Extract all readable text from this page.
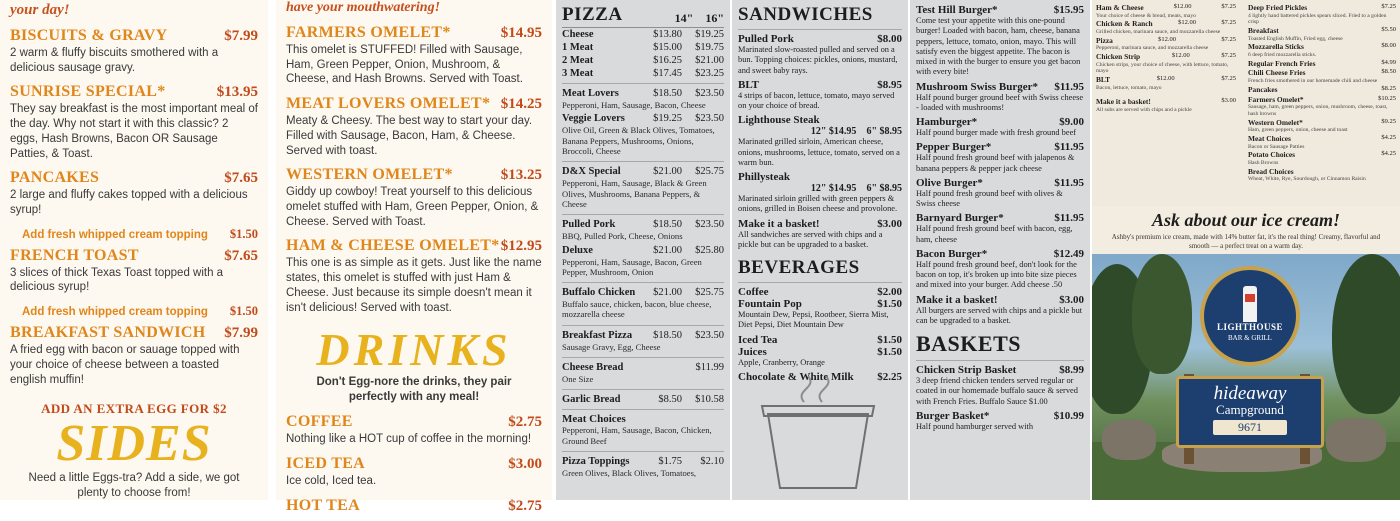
your day!
BISCUITS & GRAVY	$7.99
2 warm & fluffy biscuits smothered with a delicious sausage gravy.
SUNRISE SPECIAL*	$13.95
They say breakfast is the most important meal of the day. Why not start it with this classic? 2 eggs, Hash Browns, Bacon OR Sausage Patties, & Toast.
PANCAKES	$7.65
2 large and fluffy cakes topped with a delicious syrup!
Add fresh whipped cream topping $1.50
FRENCH TOAST	$7.65
3 slices of thick Texas Toast topped with a delicious syrup!
Add fresh whipped cream topping $1.50
BREAKFAST SANDWICH $7.99
A fried egg with bacon or sauage topped with your choice of cheese between a toasted english muffin!
ADD AN EXTRA EGG FOR $2
SIDES
Need a little Eggs-tra? Add a side, we got plenty to choose from!
have your mouthwatering!
FARMERS OMELET*	$14.95
This omelet is STUFFED! Filled with Sausage, Ham, Green Pepper, Onion, Mushroom, & Cheese, and Hash Browns. Served with Toast.
MEAT LOVERS OMELET* $14.25
Meaty & Cheesy. The best way to start your day. Filled with Sausage, Bacon, Ham, & Cheese. Served with toast.
WESTERN OMELET*	$13.25
Giddy up cowboy! Treat yourself to this delicious omelet stuffed with Ham, Green Pepper, Onion, & Cheese. Served with Toast.
HAM & CHEESE OMELET* $12.95
This one is as simple as it gets. Just like the name states, this omelet is stuffed with just Ham & Cheese. Just because its simple doesn't mean it isn't delicious! Served with toast.
DRINKS
Don't Egg-nore the drinks, they pair perfectly with any meal!
COFFEE	$2.75
Nothing like a HOT cup of coffee in the morning!
ICED TEA	$3.00
Ice cold, Iced tea.
HOT TEA	$2.75
PIZZA	14" 16"
Cheese	$13.80	$19.25
1 Meat	$15.00	$19.75
2 Meat	$16.25	$21.00
3 Meat	$17.45	$23.25
Meat Lovers	$18.50	$23.50
Pepperoni, Ham, Sausage, Bacon, Cheese
Veggie Lovers	$19.25	$23.50
Olive Oil, Green & Black Olives, Tomatoes, Banana Peppers, Mushrooms, Onions, Broccoli, Cheese
D&X Special	$21.00	$25.75
Pepperoni, Ham, Sausage, Black & Green Olives, Mushrooms, Banana Peppers, & Cheese
Pulled Pork	$18.50	$23.50
BBQ, Pulled Pork, Cheese, Onions
Deluxe	$21.00	$25.80
Pepperoni, Ham, Sausage, Bacon, Green Pepper, Mushroom, Onion
Buffalo Chicken	$21.00	$25.75
Buffalo sauce, chicken, bacon, blue cheese, mozzarella cheese
Breakfast Pizza	$18.50	$23.50
Sausage Gravy, Egg, Cheese
Cheese Bread	$11.99
One Size
Garlic Bread	$8.50	$10.58
Meat Choices
Pepperoni, Ham, Sausage, Bacon, Chicken, Ground Beef
Pizza Toppings	$1.75	$2.10
Green Olives, Black Olives, Tomatoes,
SANDWICHES
Pulled Pork	$8.00
Marinated slow-roasted pulled and served on a bun. Topping choices: pickles, onions, mustard, and sweet baby rays.
BLT	$8.95
4 strips of bacon, lettuce, tomato, mayo served on your choice of bread.
Lighthouse Steak
12" $14.95 6" $8.95
Marinated grilled sirloin, American cheese, onions, mushrooms, lettuce, tomato, served on a warm bun.
Phillysteak
12" $14.95 6" $8.95
Marinated sirloin grilled with green peppers & onions, grilled in Boisen cheese and provolone.
Make it a basket!	$3.00
All sandwiches are served with chips and a pickle but can be upgraded to a basket.
BEVERAGES
Coffee	$2.00
Fountain Pop	$1.50
Mountain Dew, Pepsi, Rootbeer, Sierra Mist, Diet Pepsi, Diet Mountain Dew
Iced Tea	$1.50
Juices	$1.50
Apple, Cranberry, Orange
Chocolate & White Milk $2.25
Test Hill Burger*	$15.95
Come test your appetite with this one-pound burger! Loaded with bacon, ham, cheese, banana peppers, lettuce, tomato, onion, mayo. This will satisfy even the biggest appetite. The bacon is mixed in with the burger to ensure you get bacon with every bite!
Mushroom Swiss Burger* $11.95
Half pound burger ground beef with Swiss cheese - loaded with mushrooms!
Hamburger*	$9.00
Half pound burger made with fresh ground beef
Pepper Burger*	$11.95
Half pound fresh ground beef with jalapenos & banana peppers & pepper jack cheese
Olive Burger*	$11.95
Half pound fresh ground beef with olives & Swiss cheese
Barnyard Burger*	$11.95
Half pound fresh ground beef with bacon, egg, ham, cheese
Bacon Burger*	$12.49
Half pound fresh ground beef, don't look for the bacon on top, it's broken up into bite size pieces and mixed into your burger. Add cheese .50
Make it a basket!	$3.00
All burgers are served with chips and a pickle but can be upgraded to a basket.
BASKETS
Chicken Strip Basket	$8.99
3 deep friend chicken tenders served regular or coated in our homemade buffalo sauce & served with French Fries. Buffalo Sauce $1.00
Burger Basket*	$10.99
Half pound hamburger served with
Ham & Cheese	$12.00	$7.25
Your choice of cheese & bread, meats, mayo
Chicken & Ranch	$12.00	$7.25
Grilled chicken, marinara sauce, and mozzarella cheese
Pizza	$12.00	$7.25
Pepperoni, marinara sauce, and mozzarella cheese
Chicken Strip	$12.00	$7.25
Chicken strips, your choice of cheese, with lettuce, tomato, mayo
BLT	$12.00	$7.25
Bacon, lettuce, tomato, mayo
Make it a basket!	$3.00
All subs are served with chips and a pickle
Deep Fried Pickles	$7.25
4 lightly hand battered pickles spears sliced. Fried to a golden crisp
Breakfast	$5.50
Toasted English Muffin, Fried egg, cheese
Mozzarella Sticks	$8.00
6 deep fried mozzarella sticks.
Regular French Fries	$4.99
Chili Cheese Fries	$8.50
French fries smothered in our homemade chili and cheese
Pancakes	$8.25
Farmers Omelet*	$10.25
Sausage, ham, green peppers, onion, mushroom, cheese, toast, hash browns
Western Omelet*	$9.25
Ham, green peppers, onion, cheese and toast
Meat Choices	$4.25
Bacon or Sausage Patties
Potato Choices	$4.25
Hash Browns
Bread Choices
Wheat, White, Rye, Sourdough, or Cinnamon Raisin
Ask about our ice cream!
Ashby's premium ice cream, made with 14% butter fat, it's the real thing! Creamy, flavorful and smooth — a perfect treat on a warm day.
LIGHTHOUSE
BAR & GRILL
hideaway
Campground
9671
